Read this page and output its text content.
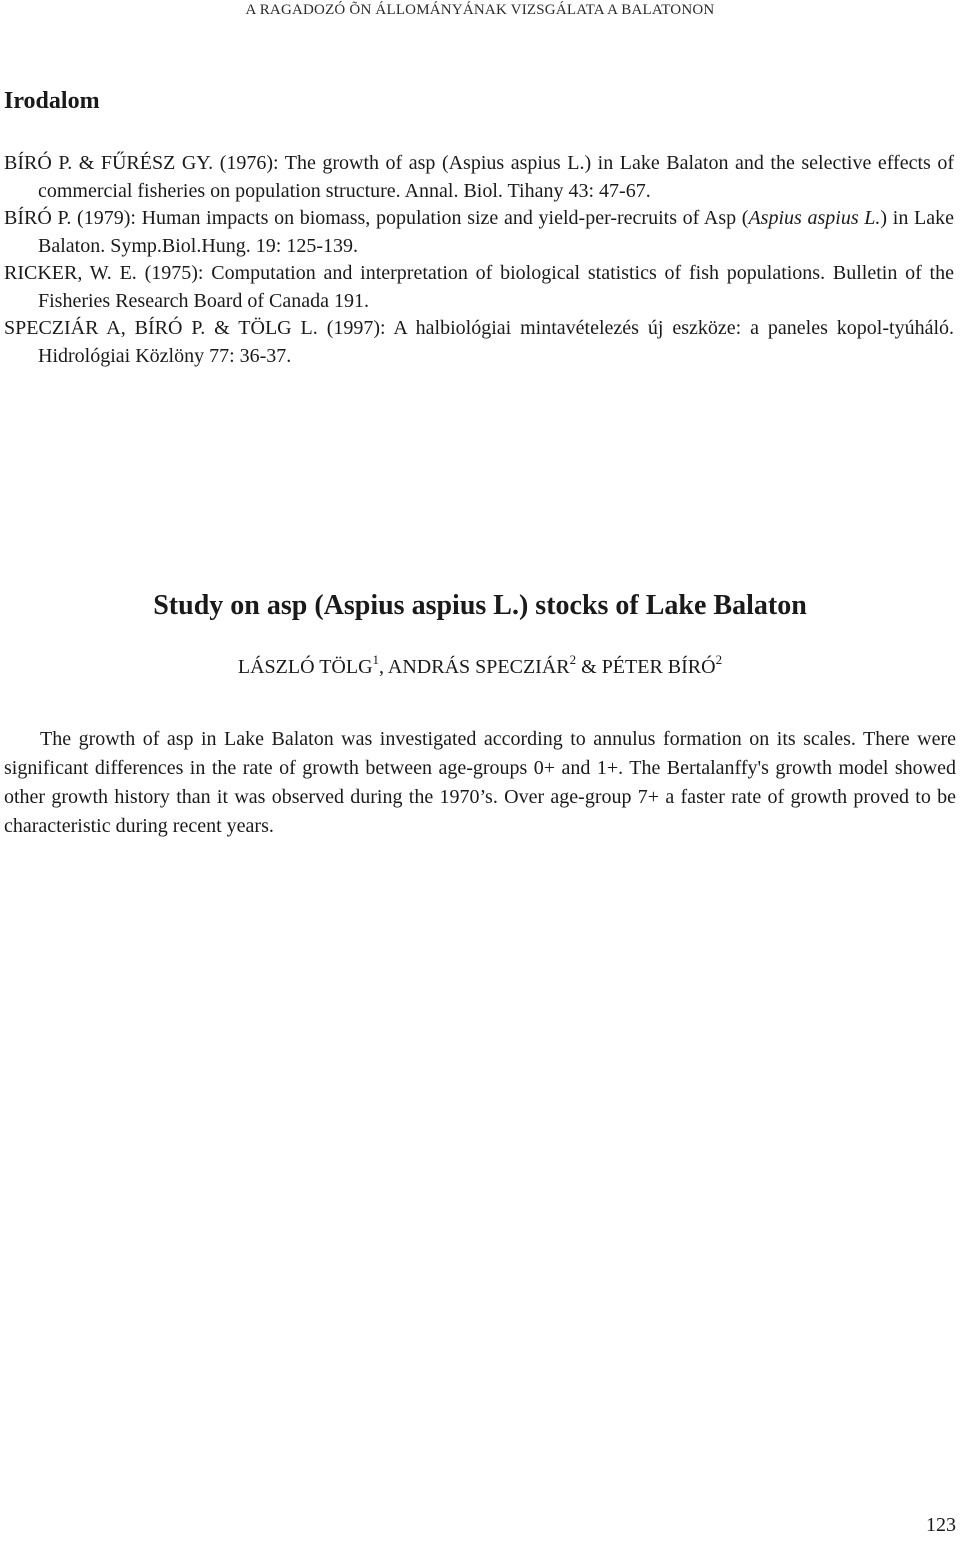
A RAGADOZÓ ÕN ÁLLOMÁNYÁNAK VIZSGÁLATA A BALATONON
Irodalom
BÍRÓ P. & FŰRÉSZ GY. (1976): The growth of asp (Aspius aspius L.) in Lake Balaton and the selective effects of commercial fisheries on population structure. Annal. Biol. Tihany 43: 47-67.
BÍRÓ P. (1979): Human impacts on biomass, population size and yield-per-recruits of Asp (Aspius aspius L.) in Lake Balaton. Symp.Biol.Hung. 19: 125-139.
RICKER, W. E. (1975): Computation and interpretation of biological statistics of fish populations. Bulletin of the Fisheries Research Board of Canada 191.
SPECZIÁR A, BÍRÓ P. & TÖLG L. (1997): A halbiológiai mintavételezés új eszköze: a paneles kopol-tyúháló. Hidrológiai Közlöny 77: 36-37.
Study on asp (Aspius aspius L.) stocks of Lake Balaton

LÁSZLÓ TÖLG$^1$, ANDRÁS SPECZIÁR$^2$ & PÉTER BÍRÓ$^2$

The growth of asp in Lake Balaton was investigated according to annulus formation on its scales. There were significant differences in the rate of growth between age-groups 0+ and 1+. The Bertalanffy's growth model showed other growth history than it was observed during the 1970’s. Over age-group 7+ a faster rate of growth proved to be characteristic during recent years.

123
